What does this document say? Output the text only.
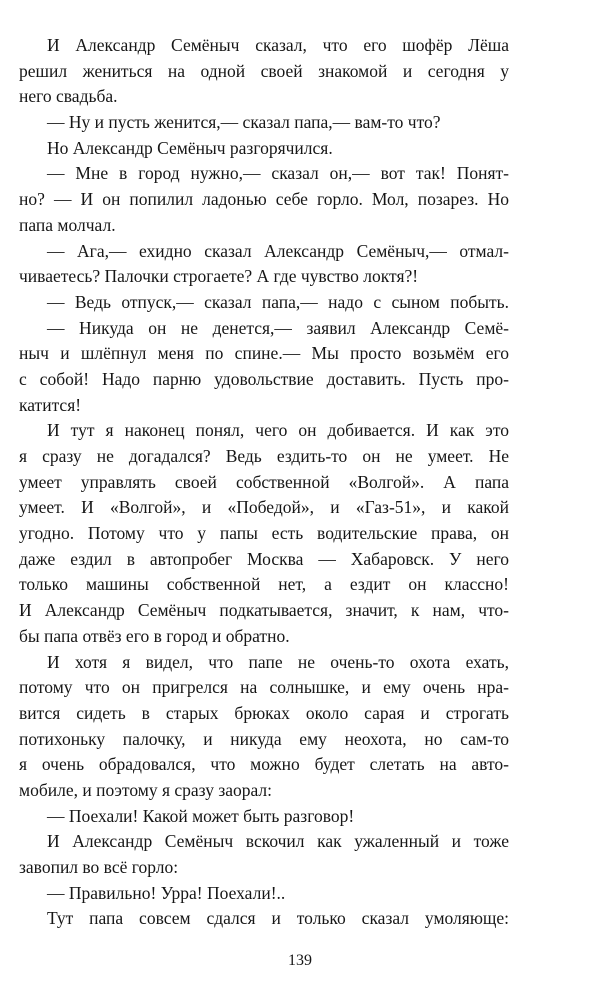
И Александр Семёныч сказал, что его шофёр Лёша
решил жениться на одной своей знакомой и сегодня у
него свадьба.
— Ну и пусть женится,— сказал папа,— вам-то что?
Но Александр Семёныч разгорячился.
— Мне в город нужно,— сказал он,— вот так! Понят-
но? — И он попилил ладонью себе горло. Мол, позарез. Но
папа молчал.
— Ага,— ехидно сказал Александр Семёныч,— отмал-
чиваетесь? Палочки строгаете? А где чувство локтя?!
— Ведь отпуск,— сказал папа,— надо с сыном побыть.
— Никуда он не денется,— заявил Александр Семё-
ныч и шлёпнул меня по спине.— Мы просто возьмём его
с собой! Надо парню удовольствие доставить. Пусть про-
катится!
И тут я наконец понял, чего он добивается. И как это
я сразу не догадался? Ведь ездить-то он не умеет. Не
умеет управлять своей собственной «Волгой». А папа
умеет. И «Волгой», и «Победой», и «Газ-51», и какой
угодно. Потому что у папы есть водительские права, он
даже ездил в автопробег Москва — Хабаровск. У него
только машины собственной нет, а ездит он классно!
И Александр Семёныч подкатывается, значит, к нам, что-
бы папа отвёз его в город и обратно.
И хотя я видел, что папе не очень-то охота ехать,
потому что он пригрелся на солнышке, и ему очень нра-
вится сидеть в старых брюках около сарая и строгать
потихоньку палочку, и никуда ему неохота, но сам-то
я очень обрадовался, что можно будет слетать на авто-
мобиле, и поэтому я сразу заорал:
— Поехали! Какой может быть разговор!
И Александр Семёныч вскочил как ужаленный и тоже
завопил во всё горло:
— Правильно! Урра! Поехали!..
Тут папа совсем сдался и только сказал умоляюще:
139
